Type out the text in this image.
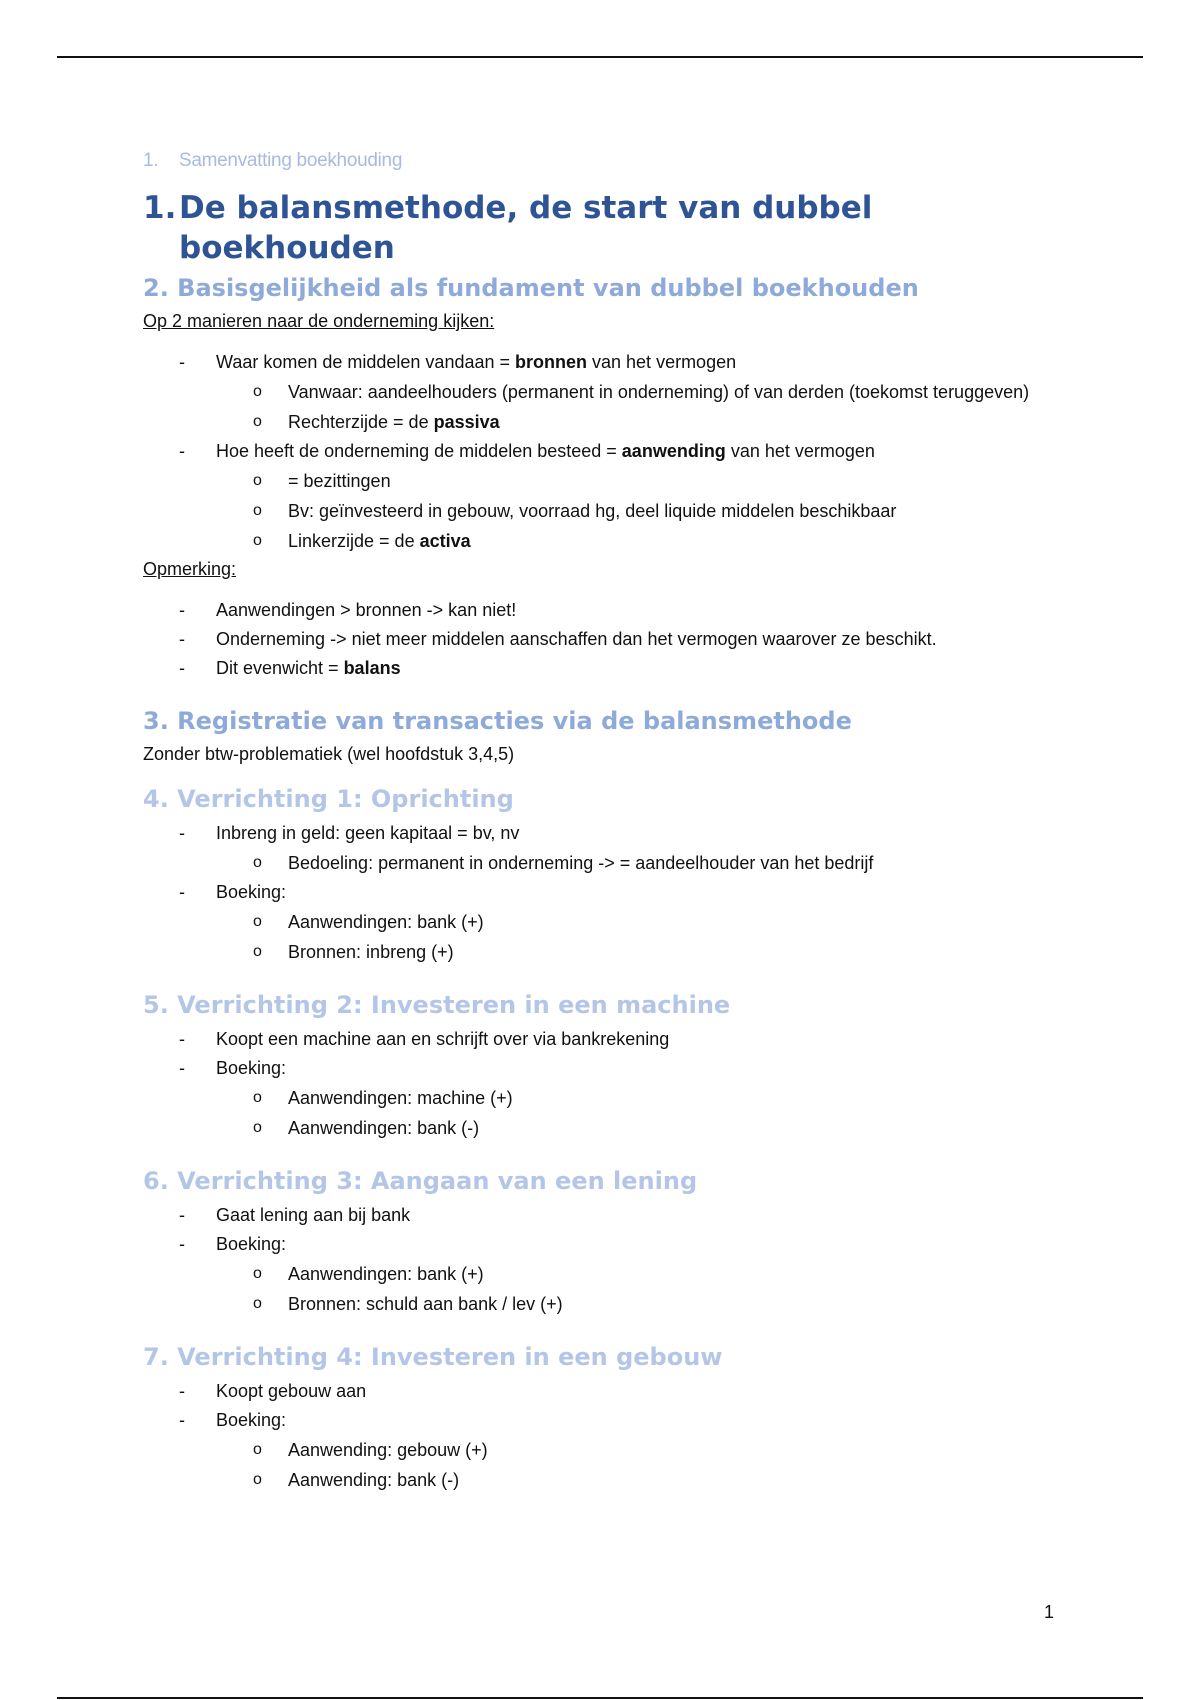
1. Samenvatting boekhouding
1. De balansmethode, de start van dubbel boekhouden
2. Basisgelijkheid als fundament van dubbel boekhouden
Op 2 manieren naar de onderneming kijken:
- Waar komen de middelen vandaan = bronnen van het vermogen
o Vanwaar: aandeelhouders (permanent in onderneming) of van derden (toekomst teruggeven)
o Rechterzijde = de passiva
- Hoe heeft de onderneming de middelen besteed = aanwending van het vermogen
o = bezittingen
o Bv: geïnvesteerd in gebouw, voorraad hg, deel liquide middelen beschikbaar
o Linkerzijde = de activa
Opmerking:
- Aanwendingen > bronnen -> kan niet!
- Onderneming -> niet meer middelen aanschaffen dan het vermogen waarover ze beschikt.
- Dit evenwicht = balans
3. Registratie van transacties via de balansmethode
Zonder btw-problematiek (wel hoofdstuk 3,4,5)
4. Verrichting 1: Oprichting
- Inbreng in geld: geen kapitaal = bv, nv
o Bedoeling: permanent in onderneming -> = aandeelhouder van het bedrijf
- Boeking:
o Aanwendingen: bank (+)
o Bronnen: inbreng (+)
5. Verrichting 2: Investeren in een machine
- Koopt een machine aan en schrijft over via bankrekening
- Boeking:
o Aanwendingen: machine (+)
o Aanwendingen: bank (-)
6. Verrichting 3: Aangaan van een lening
- Gaat lening aan bij bank
- Boeking:
o Aanwendingen: bank (+)
o Bronnen: schuld aan bank / lev (+)
7. Verrichting 4: Investeren in een gebouw
- Koopt gebouw aan
- Boeking:
o Aanwending: gebouw (+)
o Aanwending: bank (-)
1
